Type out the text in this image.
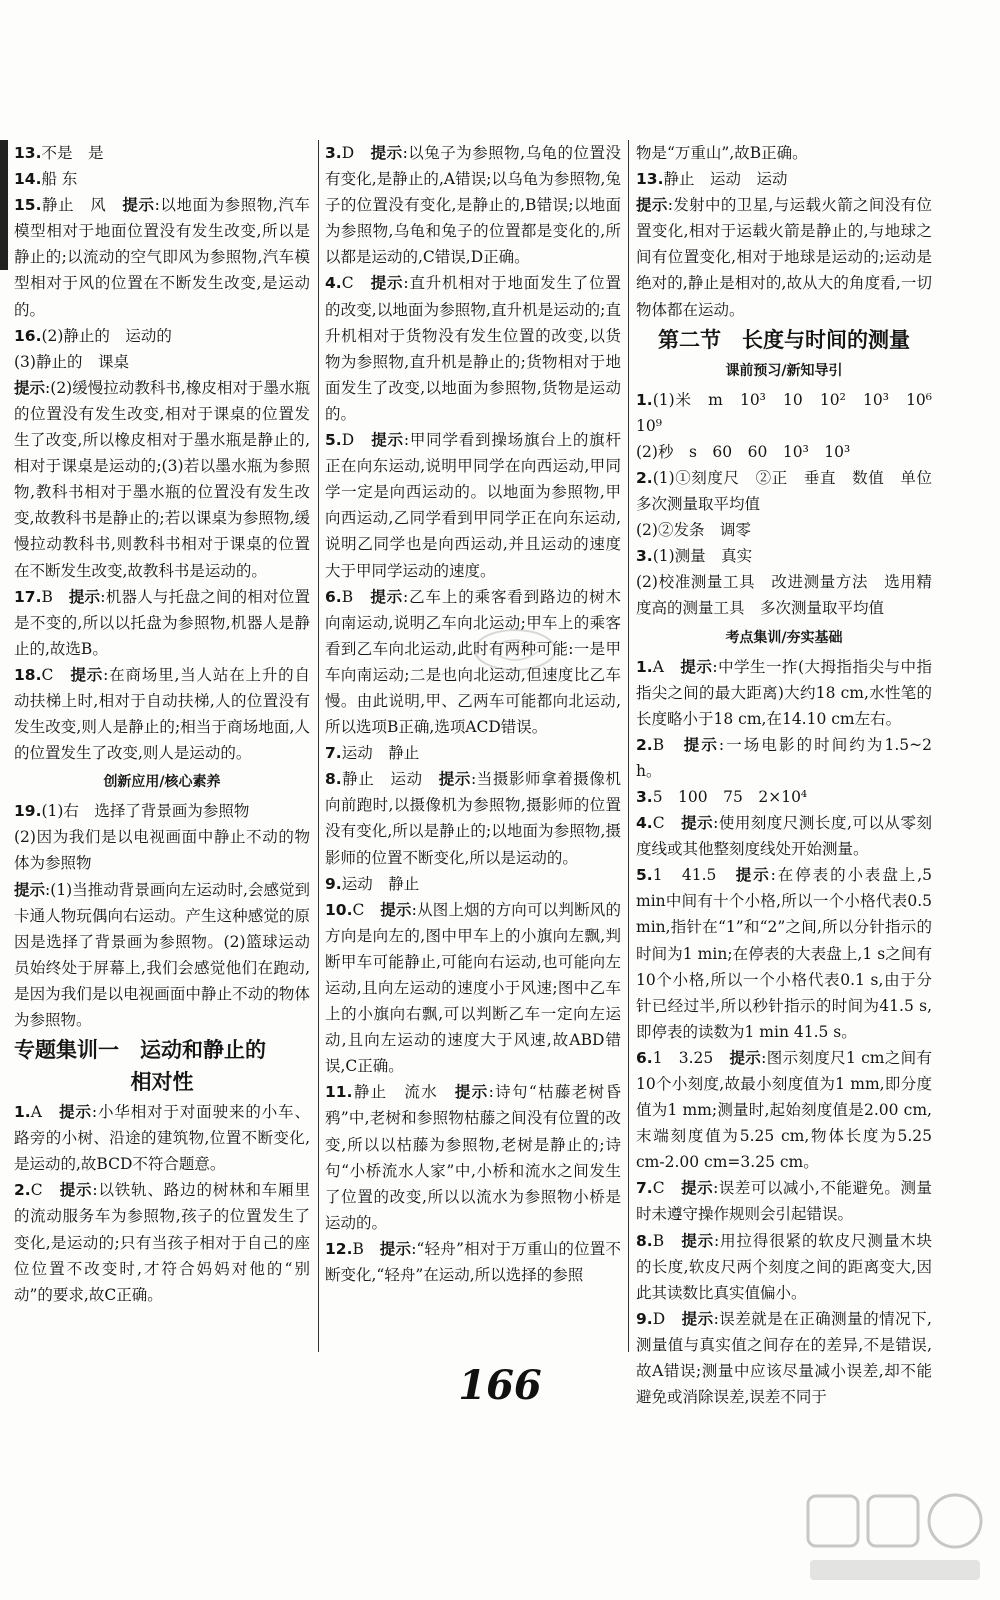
13.不是　是
14.船 东
15.静止　风　提示:以地面为参照物,汽车模型相对于地面位置没有发生改变,所以是静止的;以流动的空气即风为参照物,汽车模型相对于风的位置在不断发生改变,是运动的。
16.(2)静止的　运动的
(3)静止的　课桌
提示:(2)缓慢拉动教科书,橡皮相对于墨水瓶的位置没有发生改变,相对于课桌的位置发生了改变,所以橡皮相对于墨水瓶是静止的,相对于课桌是运动的;(3)若以墨水瓶为参照物,教科书相对于墨水瓶的位置没有发生改变,故教科书是静止的;若以课桌为参照物,缓慢拉动教科书,则教科书相对于课桌的位置在不断发生改变,故教科书是运动的。
17.B　提示:机器人与托盘之间的相对位置是不变的,所以以托盘为参照物,机器人是静止的,故选B。
18.C　提示:在商场里,当人站在上升的自动扶梯上时,相对于自动扶梯,人的位置没有发生改变,则人是静止的;相当于商场地面,人的位置发生了改变,则人是运动的。
创新应用/核心素养
19.(1)右　选择了背景画为参照物
(2)因为我们是以电视画面中静止不动的物体为参照物
提示:(1)当推动背景画向左运动时,会感觉到卡通人物玩偶向右运动。产生这种感觉的原因是选择了背景画为参照物。(2)篮球运动员始终处于屏幕上,我们会感觉他们在跑动,是因为我们是以电视画面中静止不动的物体为参照物。
专题集训一　运动和静止的
相对性
1.A　提示:小华相对于对面驶来的小车、路旁的小树、沿途的建筑物,位置不断变化,是运动的,故BCD不符合题意。
2.C　提示:以铁轨、路边的树林和车厢里的流动服务车为参照物,孩子的位置发生了变化,是运动的;只有当孩子相对于自己的座位位置不改变时,才符合妈妈对他的“别动”的要求,故C正确。
3.D　提示:以兔子为参照物,乌龟的位置没有变化,是静止的,A错误;以乌龟为参照物,兔子的位置没有变化,是静止的,B错误;以地面为参照物,乌龟和兔子的位置都是变化的,所以都是运动的,C错误,D正确。
4.C　提示:直升机相对于地面发生了位置的改变,以地面为参照物,直升机是运动的;直升机相对于货物没有发生位置的改变,以货物为参照物,直升机是静止的;货物相对于地面发生了改变,以地面为参照物,货物是运动的。
5.D　提示:甲同学看到操场旗台上的旗杆正在向东运动,说明甲同学在向西运动,甲同学一定是向西运动的。以地面为参照物,甲向西运动,乙同学看到甲同学正在向东运动,说明乙同学也是向西运动,并且运动的速度大于甲同学运动的速度。
6.B　提示:乙车上的乘客看到路边的树木向南运动,说明乙车向北运动;甲车上的乘客看到乙车向北运动,此时有两种可能:一是甲车向南运动;二是也向北运动,但速度比乙车慢。由此说明,甲、乙两车可能都向北运动,所以选项B正确,选项ACD错误。
7.运动　静止
8.静止　运动　提示:当摄影师拿着摄像机向前跑时,以摄像机为参照物,摄影师的位置没有变化,所以是静止的;以地面为参照物,摄影师的位置不断变化,所以是运动的。
9.运动　静止
10.C　提示:从图上烟的方向可以判断风的方向是向左的,图中甲车上的小旗向左飘,判断甲车可能静止,可能向右运动,也可能向左运动,且向左运动的速度小于风速;图中乙车上的小旗向右飘,可以判断乙车一定向左运动,且向左运动的速度大于风速,故ABD错误,C正确。
11.静止　流水　提示:诗句“枯藤老树昏鸦”中,老树和参照物枯藤之间没有位置的改变,所以以枯藤为参照物,老树是静止的;诗句“小桥流水人家”中,小桥和流水之间发生了位置的改变,所以以流水为参照物小桥是运动的。
12.B　提示:“轻舟”相对于万重山的位置不断变化,“轻舟”在运动,所以选择的参照
物是“万重山”,故B正确。
13.静止　运动　运动
提示:发射中的卫星,与运载火箭之间没有位置变化,相对于运载火箭是静止的,与地球之间有位置变化,相对于地球是运动的;运动是绝对的,静止是相对的,故从大的角度看,一切物体都在运动。
第二节　长度与时间的测量
课前预习/新知导引
1.(1)米　m　10³　10　10²　10³　10⁶　10⁹
(2)秒　s　60　60　10³　10³
2.(1)①刻度尺　②正　垂直　数值　单位　多次测量取平均值
(2)②发条　调零
3.(1)测量　真实
(2)校准测量工具　改进测量方法　选用精度高的测量工具　多次测量取平均值
考点集训/夯实基础
1.A　提示:中学生一拃(大拇指指尖与中指指尖之间的最大距离)大约18 cm,水性笔的长度略小于18 cm,在14.10 cm左右。
2.B　提示:一场电影的时间约为1.5~2 h。
3.5　100　75　2×10⁴
4.C　提示:使用刻度尺测长度,可以从零刻度线或其他整刻度线处开始测量。
5.1　41.5　提示:在停表的小表盘上,5 min中间有十个小格,所以一个小格代表0.5 min,指针在“1”和“2”之间,所以分针指示的时间为1 min;在停表的大表盘上,1 s之间有10个小格,所以一个小格代表0.1 s,由于分针已经过半,所以秒针指示的时间为41.5 s,即停表的读数为1 min 41.5 s。
6.1　3.25　提示:图示刻度尺1 cm之间有10个小刻度,故最小刻度值为1 mm,即分度值为1 mm;测量时,起始刻度值是2.00 cm,末端刻度值为5.25 cm,物体长度为5.25 cm-2.00 cm=3.25 cm。
7.C　提示:误差可以减小,不能避免。测量时未遵守操作规则会引起错误。
8.B　提示:用拉得很紧的软皮尺测量木块的长度,软皮尺两个刻度之间的距离变大,因此其读数比真实值偏小。
9.D　提示:误差就是在正确测量的情况下,测量值与真实值之间存在的差异,不是错误,故A错误;测量中应该尽量减小误差,却不能避免或消除误差,误差不同于
166
